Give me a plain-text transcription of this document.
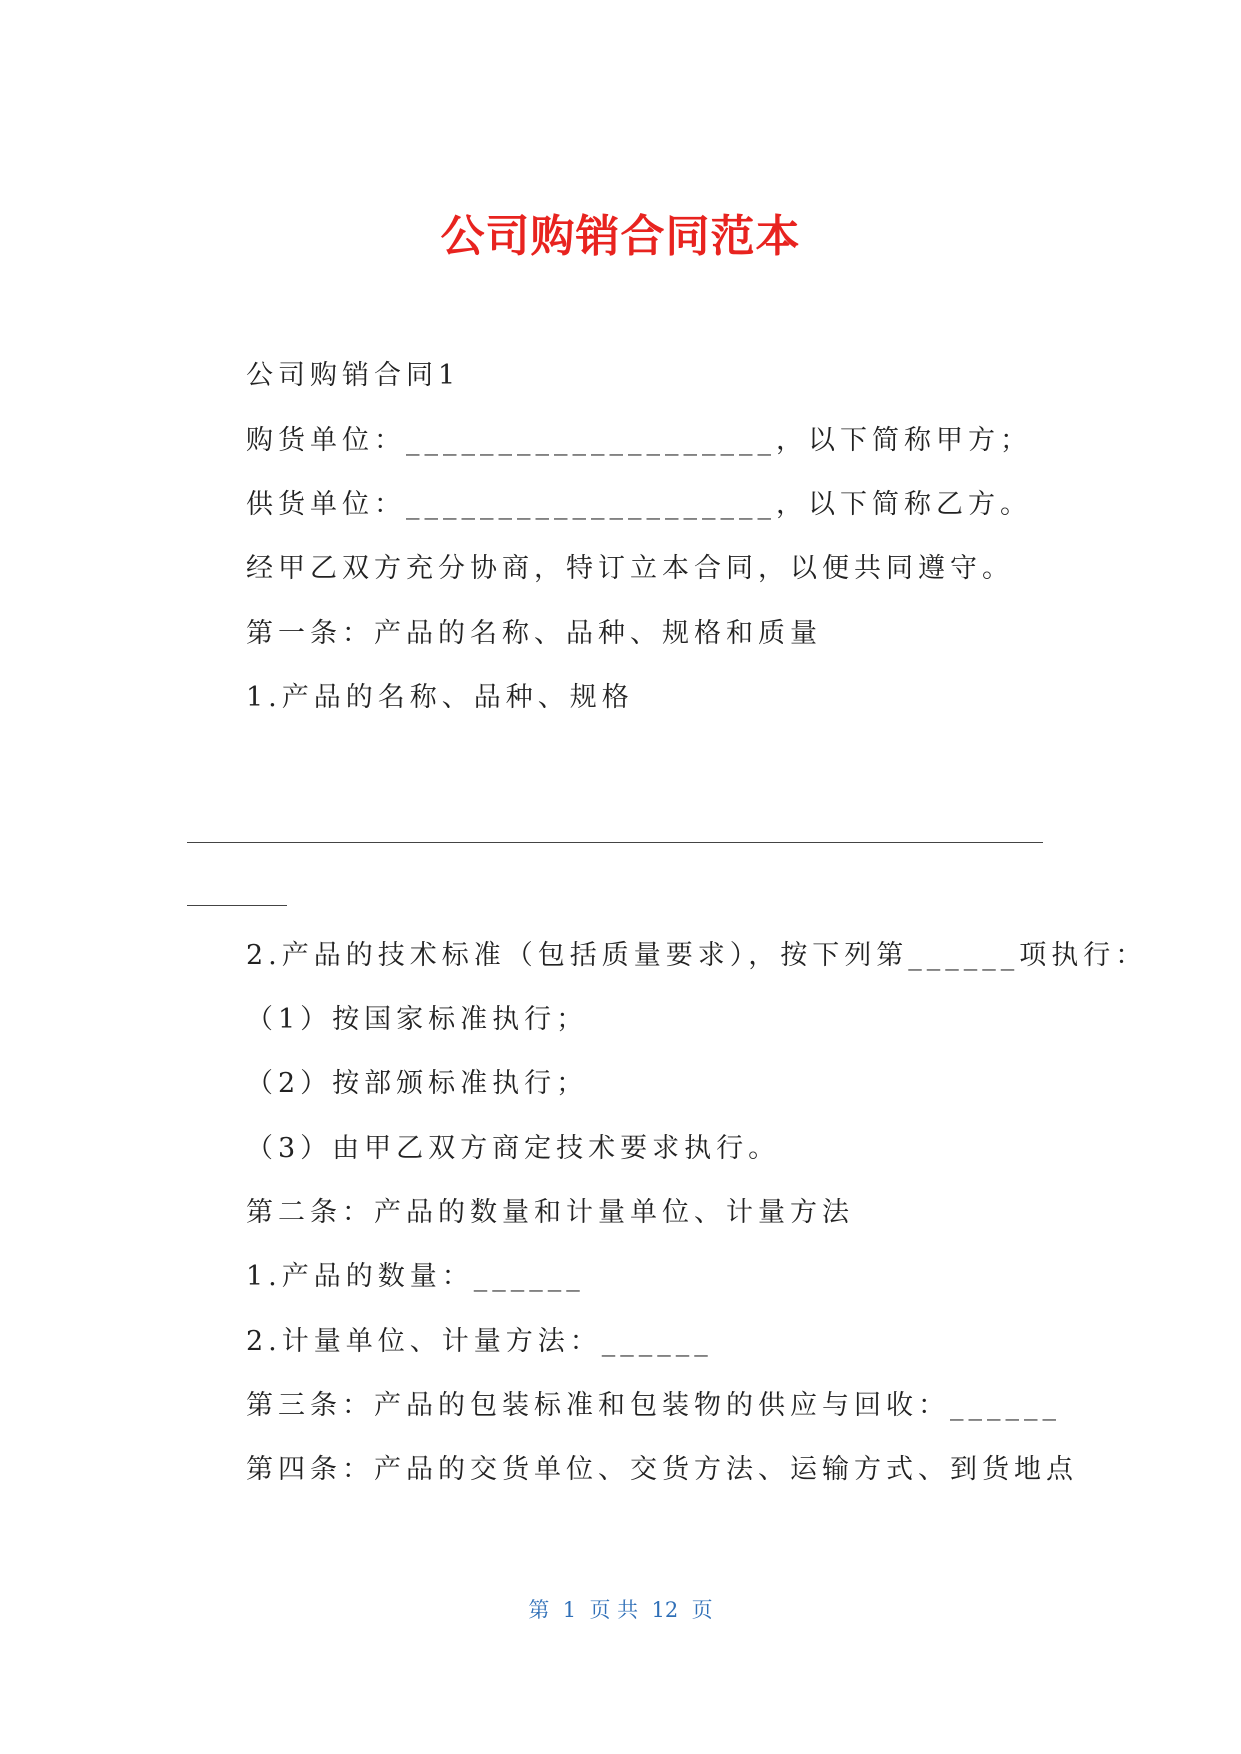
公司购销合同范本
公司购销合同1
购货单位：____________________，以下简称甲方；
供货单位：____________________，以下简称乙方。
经甲乙双方充分协商，特订立本合同，以便共同遵守。
第一条：产品的名称、品种、规格和质量
1.产品的名称、品种、规格
2.产品的技术标准（包括质量要求），按下列第______项执行：
（1）按国家标准执行；
（2）按部颁标准执行；
（3）由甲乙双方商定技术要求执行。
第二条：产品的数量和计量单位、计量方法
1.产品的数量：______
2.计量单位、计量方法：______
第三条：产品的包装标准和包装物的供应与回收：______
第四条：产品的交货单位、交货方法、运输方式、到货地点
第  1  页 共  12  页
